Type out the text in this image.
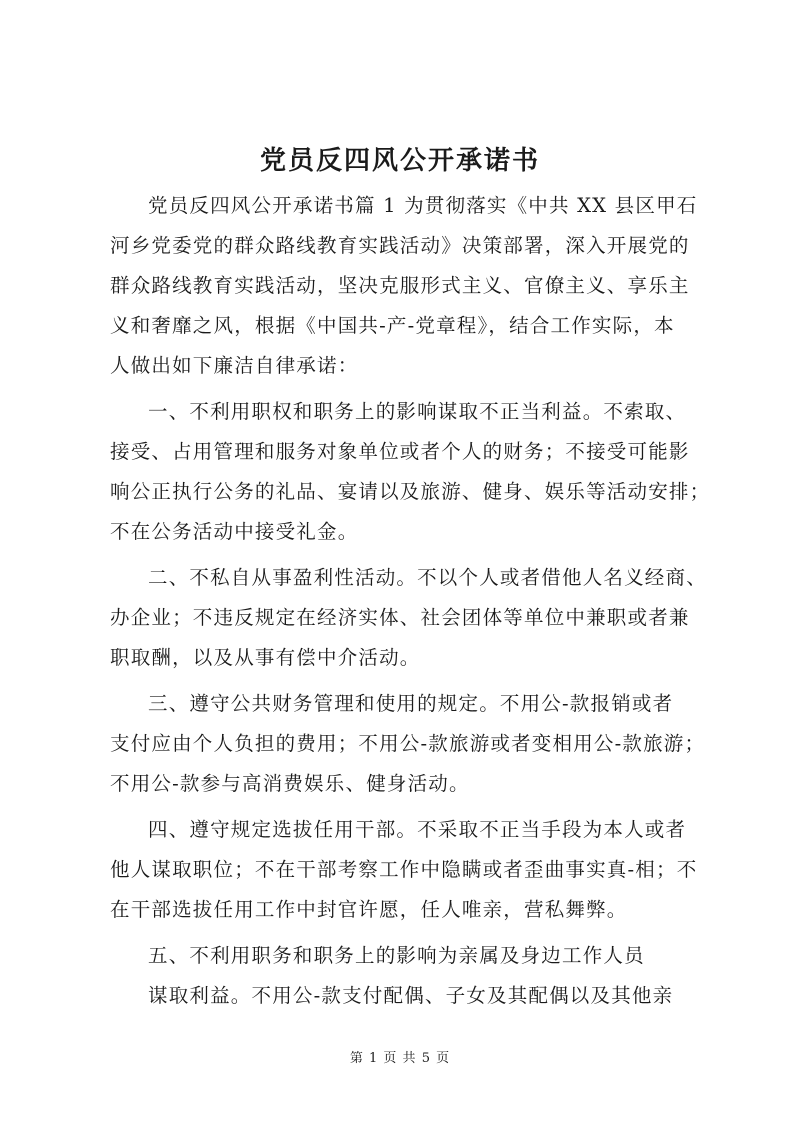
党员反四风公开承诺书

党员反四风公开承诺书篇 1 为贯彻落实《中共 XX 县区甲石

河乡党委党的群众路线教育实践活动》决策部署，深入开展党的

群众路线教育实践活动，坚决克服形式主义、官僚主义、享乐主

义和奢靡之风，根据《中国共-产-党章程》，结合工作实际，本

人做出如下廉洁自律承诺：

一、不利用职权和职务上的影响谋取不正当利益。不索取、

接受、占用管理和服务对象单位或者个人的财务；不接受可能影

响公正执行公务的礼品、宴请以及旅游、健身、娱乐等活动安排；

不在公务活动中接受礼金。

二、不私自从事盈利性活动。不以个人或者借他人名义经商、

办企业；不违反规定在经济实体、社会团体等单位中兼职或者兼

职取酬，以及从事有偿中介活动。

三、遵守公共财务管理和使用的规定。不用公-款报销或者

支付应由个人负担的费用；不用公-款旅游或者变相用公-款旅游；

不用公-款参与高消费娱乐、健身活动。

四、遵守规定选拔任用干部。不采取不正当手段为本人或者

他人谋取职位；不在干部考察工作中隐瞒或者歪曲事实真-相；不

在干部选拔任用工作中封官许愿，任人唯亲，营私舞弊。

五、不利用职务和职务上的影响为亲属及身边工作人员

谋取利益。不用公-款支付配偶、子女及其配偶以及其他亲

第 1 页 共 5 页
